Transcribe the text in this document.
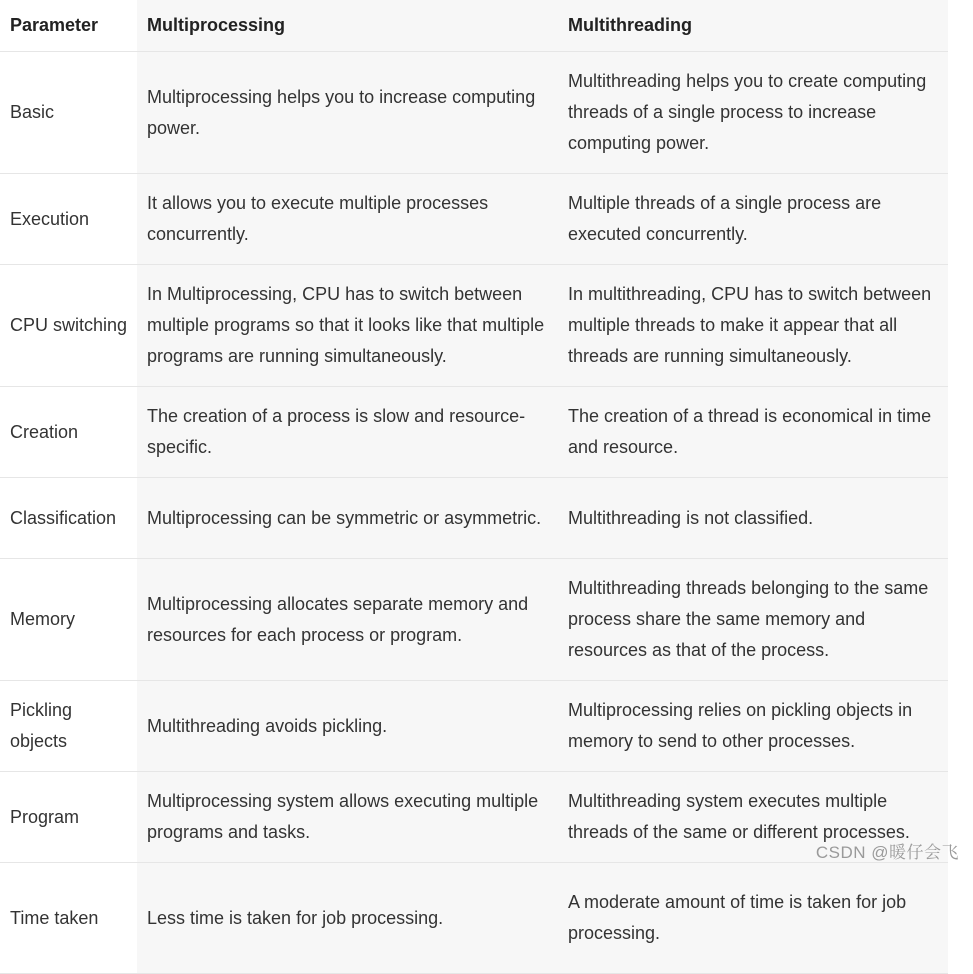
Parameter	Multiprocessing	Multithreading
Basic	Multiprocessing helps you to increase computing power.	Multithreading helps you to create computing threads of a single process to increase computing power.
Execution	It allows you to execute multiple processes concurrently.	Multiple threads of a single process are executed concurrently.
CPU switching	In Multiprocessing, CPU has to switch between multiple programs so that it looks like that multiple programs are running simultaneously.	In multithreading, CPU has to switch between multiple threads to make it appear that all threads are running simultaneously.
Creation	The creation of a process is slow and resource-specific.	The creation of a thread is economical in time and resource.
Classification	Multiprocessing can be symmetric or asymmetric.	Multithreading is not classified.
Memory	Multiprocessing allocates separate memory and resources for each process or program.	Multithreading threads belonging to the same process share the same memory and resources as that of the process.
Pickling objects	Multithreading avoids pickling.	Multiprocessing relies on pickling objects in memory to send to other processes.
Program	Multiprocessing system allows executing multiple programs and tasks.	Multithreading system executes multiple threads of the same or different processes.
Time taken	Less time is taken for job processing.	A moderate amount of time is taken for job processing.
CSDN @暖仔会飞
